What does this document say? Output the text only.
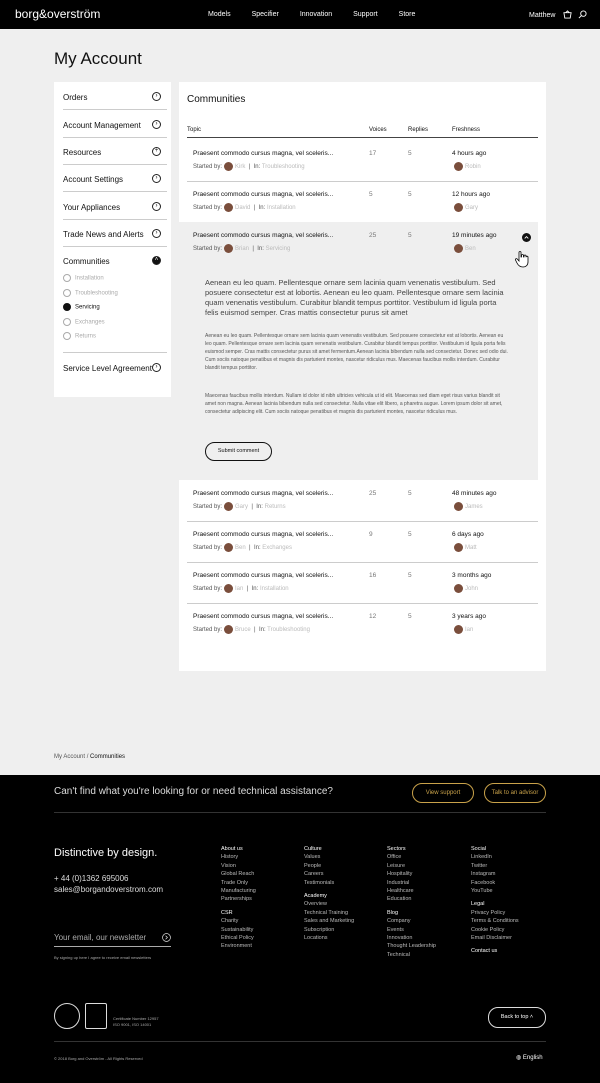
borg&overström	Models	Specifier	Innovation	Support	Store	Matthew
My Account
Orders	›
Account Management	›
Resources	+
Account Settings	›
Your Appliances	›
Trade News and Alerts	›
Communities	˄
Installation
Troubleshooting
Servicing
Exchanges
Returns
Service Level Agreement ›
Communities
Topic	Voices	Replies	Freshness
Praesent commodo cursus magna, vel sceleris...
Started by: Kirk  |  In: Troubleshooting
17	5	4 hours ago
Robin
Praesent commodo cursus magna, vel sceleris...
Started by: David  |  In: Installation
5	5	12 hours ago
Gary
Praesent commodo cursus magna, vel sceleris...
Started by: Brian  |  In: Servicing
25	5	19 minutes ago
Ben
Aenean eu leo quam. Pellentesque ornare sem lacinia quam venenatis vestibulum. Sed posuere consectetur est at lobortis. Aenean eu leo quam. Pellentesque ornare sem lacinia quam venenatis vestibulum. Curabitur blandit tempus porttitor. Vestibulum id ligula porta felis euismod semper. Cras mattis consectetur purus sit amet
Aenean eu leo quam. Pellentesque ornare sem lacinia quam venenatis vestibulum. Sed posuere consectetur est at lobortis. Aenean eu leo quam. Pellentesque ornare sem lacinia quam venenatis vestibulum. Curabitur blandit tempus porttitor. Vestibulum id ligula porta felis euismod semper. Cras mattis consectetur purus sit amet fermentum.Aenean lacinia bibendum nulla sed consectetur. Donec sed odio dui. Cum sociis natoque penatibus et magnis dis parturient montes, nascetur ridiculus mus. Maecenas faucibus mollis interdum. Curabitur blandit tempus porttitor.
Maecenas faucibus mollis interdum. Nullam id dolor id nibh ultricies vehicula ut id elit. Maecenas sed diam eget risus varius blandit sit amet non magna. Aenean lacinia bibendum nulla sed consectetur. Nulla vitae elit libero, a pharetra augue. Lorem ipsum dolor sit amet, consectetur adipiscing elit. Cum sociis natoque penatibus et magnis dis parturient montes, nascetur ridiculus mus.
Submit comment
Praesent commodo cursus magna, vel sceleris...
Started by: Gary  |  In: Returns
25	5	48 minutes ago
James
Praesent commodo cursus magna, vel sceleris...
Started by: Ben  |  In: Exchanges
9	5	6 days ago
Matt
Praesent commodo cursus magna, vel sceleris...
Started by: Ian  |  In: Installation
16	5	3 months ago
John
Praesent commodo cursus magna, vel sceleris...
Started by: Bruce  |  In: Troubleshooting
12	5	3 years ago
Ian
My Account / Communities
Can't find what you're looking for or need technical assistance?	View support	Talk to an advisor
Distinctive by design.
+ 44 (0)1362 695006
sales@borgandoverstrom.com
About us
History
Vision
Global Reach
Trade Only
Manufacturing
Partnerships
CSR
Charity
Sustainability
Ethical Policy
Environment
Culture
Values
People
Careers
Testimonials
Academy
Overview
Technical Training
Sales and Marketing
Subscription
Locations
Sectors
Office
Leisure
Hospitality
Industrial
Healthcare
Education
Blog
Company
Events
Innovation
Thought Leadership
Technical
Social
LinkedIn
Twitter
Instagram
Facebook
YouTube
Legal
Privacy Policy
Terms & Conditions
Cookie Policy
Email Disclaimer
Contact us
Your email, our newsletter
By signing up here I agree to receive email newsletters
Certificate Number 12957
ISO 9001, ISO 14001
Back to top ˄
© 2018 Borg and Overström - All Rights Reserved	◍ English
